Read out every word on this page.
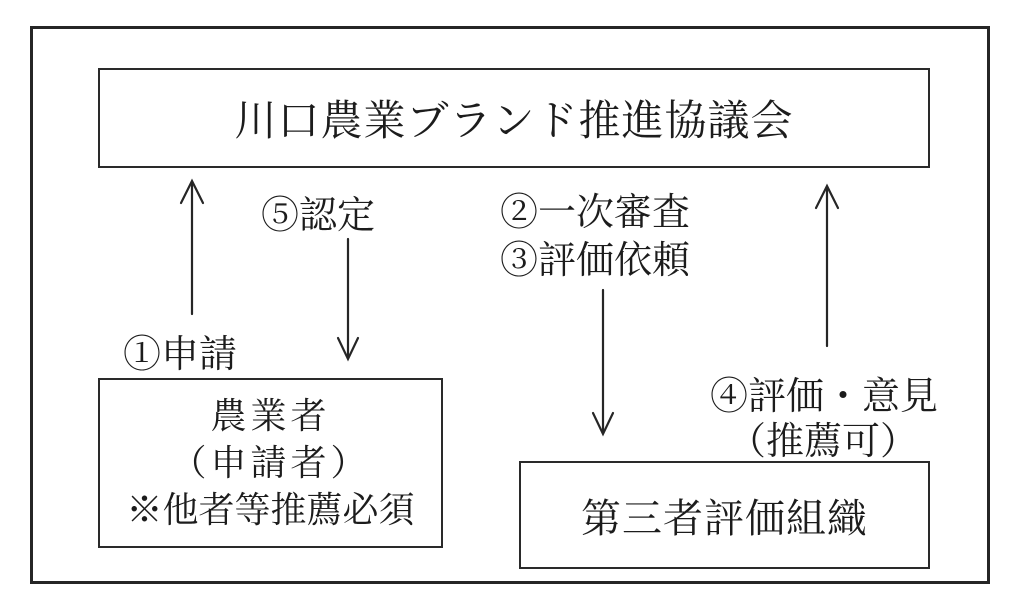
川口農業ブランド推進協議会
農業者
（申請者）
※他者等推薦必須	第三者評価組織
①申請
⑤認定	②一次審査
③評価依頼
④評価・意見
（推薦可）
